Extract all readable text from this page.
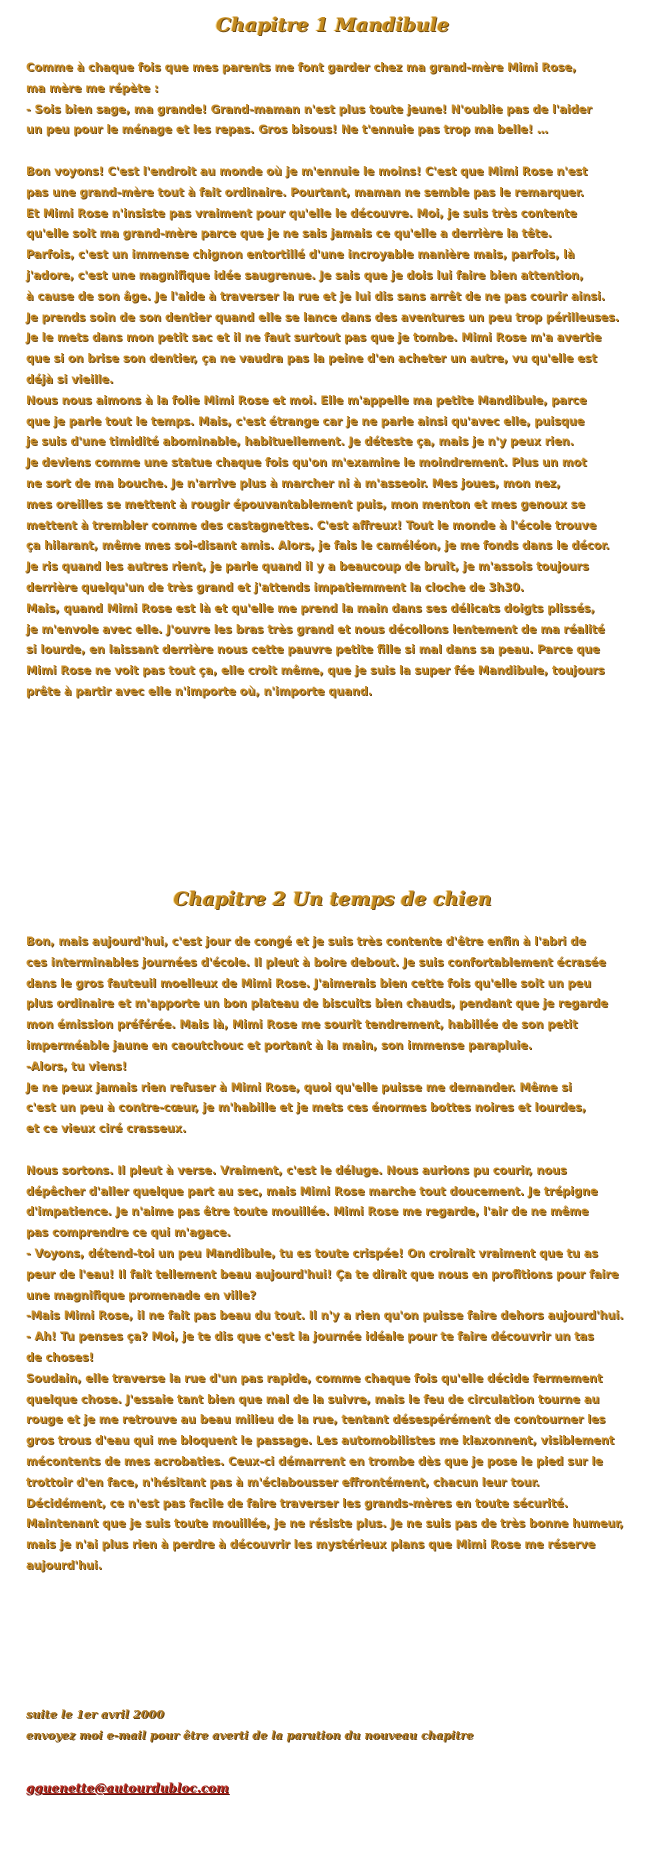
Chapitre 1 Mandibule
Comme à chaque fois que mes parents me font garder chez ma grand-mère Mimi Rose,
ma mère me répète :
- Sois bien sage, ma grande! Grand-maman n'est plus toute jeune! N'oublie pas de l'aider
un peu pour le ménage et les repas. Gros bisous! Ne t'ennuie pas trop ma belle! …

Bon voyons! C'est l'endroit au monde où je m'ennuie le moins! C'est que Mimi Rose n'est
pas une grand-mère tout à fait ordinaire. Pourtant, maman ne semble pas le remarquer.
Et Mimi Rose n'insiste pas vraiment pour qu'elle le découvre. Moi, je suis très contente
qu'elle soit ma grand-mère parce que je ne sais jamais ce qu'elle a derrière la tête.
Parfois, c'est un immense chignon entortillé d'une incroyable manière mais, parfois, là
j'adore, c'est une magnifique idée saugrenue. Je sais que je dois lui faire bien attention,
à cause de son âge. Je l'aide à traverser la rue et je lui dis sans arrêt de ne pas courir ainsi.
Je prends soin de son dentier quand elle se lance dans des aventures un peu trop périlleuses.
Je le mets dans mon petit sac et il ne faut surtout pas que je tombe. Mimi Rose m'a avertie
que si on brise son dentier, ça ne vaudra pas la peine d'en acheter un autre, vu qu'elle est
déjà si vieille.
Nous nous aimons à la folie Mimi Rose et moi. Elle m'appelle ma petite Mandibule, parce
que je parle tout le temps. Mais, c'est étrange car je ne parle ainsi qu'avec elle, puisque
je suis d'une timidité abominable, habituellement. Je déteste ça, mais je n'y peux rien.
Je deviens comme une statue chaque fois qu'on m'examine le moindrement. Plus un mot
ne sort de ma bouche. Je n'arrive plus à marcher ni à m'asseoir. Mes joues, mon nez,
mes oreilles se mettent à rougir épouvantablement puis, mon menton et mes genoux se
mettent à trembler comme des castagnettes. C'est affreux! Tout le monde à l'école trouve
ça hilarant, même mes soi-disant amis. Alors, je fais le caméléon, je me fonds dans le décor.
Je ris quand les autres rient, je parle quand il y a beaucoup de bruit, je m'assois toujours
derrière quelqu'un de très grand et j'attends impatiemment la cloche de 3h30.
Mais, quand Mimi Rose est là et qu'elle me prend la main dans ses délicats doigts plissés,
je m'envole avec elle. J'ouvre les bras très grand et nous décollons lentement de ma réalité
si lourde, en laissant derrière nous cette pauvre petite fille si mal dans sa peau. Parce que
Mimi Rose ne voit pas tout ça, elle croit même, que je suis la super fée Mandibule, toujours
prête à partir avec elle n'importe où, n'importe quand.
Chapitre 2 Un temps de chien
Bon, mais aujourd'hui, c'est jour de congé et je suis très contente d'être enfin à l'abri de
ces interminables journées d'école. Il pleut à boire debout. Je suis confortablement écrasée
dans le gros fauteuil moelleux de Mimi Rose. J'aimerais bien cette fois qu'elle soit un peu
plus ordinaire et m'apporte un bon plateau de biscuits bien chauds, pendant que je regarde
mon émission préférée. Mais là, Mimi Rose me sourit tendrement, habillée de son petit
imperméable jaune en caoutchouc et portant à la main, son immense parapluie.
-Alors, tu viens!
Je ne peux jamais rien refuser à Mimi Rose, quoi qu'elle puisse me demander. Même si
c'est un peu à contre-cœur, je m'habille et je mets ces énormes bottes noires et lourdes,
et ce vieux ciré crasseux.

Nous sortons. Il pleut à verse. Vraiment, c'est le déluge. Nous aurions pu courir, nous
dépêcher d'aller quelque part au sec, mais Mimi Rose marche tout doucement. Je trépigne
d'impatience. Je n'aime pas être toute mouillée. Mimi Rose me regarde, l'air de ne même
pas comprendre ce qui m'agace.
- Voyons, détend-toi un peu Mandibule, tu es toute crispée! On croirait vraiment que tu as
peur de l'eau! Il fait tellement beau aujourd'hui! Ça te dirait que nous en profitions pour faire
une magnifique promenade en ville?
-Mais Mimi Rose, il ne fait pas beau du tout. Il n'y a rien qu'on puisse faire dehors aujourd'hui.
- Ah! Tu penses ça? Moi, je te dis que c'est la journée idéale pour te faire découvrir un tas
de choses!
Soudain, elle traverse la rue d'un pas rapide, comme chaque fois qu'elle décide fermement
quelque chose. J'essaie tant bien que mal de la suivre, mais le feu de circulation tourne au
rouge et je me retrouve au beau milieu de la rue, tentant désespérément de contourner les
gros trous d'eau qui me bloquent le passage. Les automobilistes me klaxonnent, visiblement
mécontents de mes acrobaties. Ceux-ci démarrent en trombe dès que je pose le pied sur le
trottoir d'en face, n'hésitant pas à m'éclabousser effrontément, chacun leur tour.
Décidément, ce n'est pas facile de faire traverser les grands-mères en toute sécurité.
Maintenant que je suis toute mouillée, je ne résiste plus. Je ne suis pas de très bonne humeur,
mais je n'ai plus rien à perdre à découvrir les mystérieux plans que Mimi Rose me réserve
aujourd'hui.

suite le 1er avril 2000

envoyez moi e-mail pour être averti de la parution du nouveau chapitre

gguenette@autourdubloc.com
